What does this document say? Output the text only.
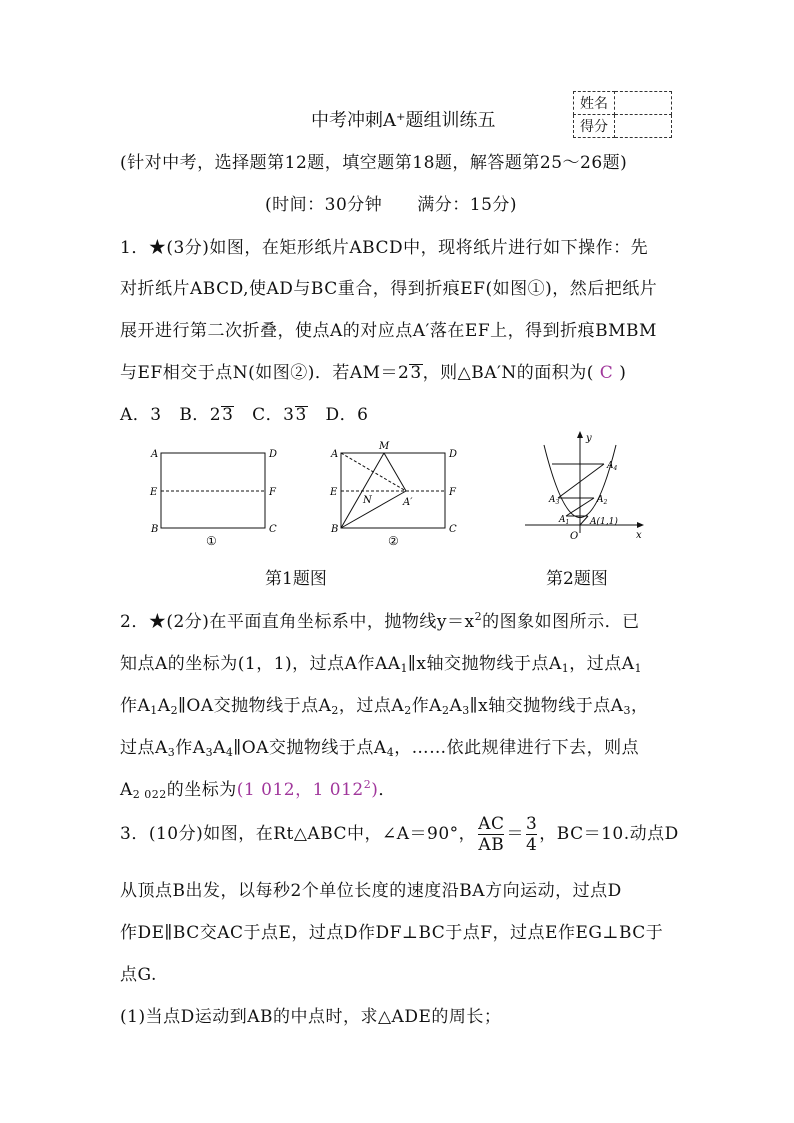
中考冲刺A⁺题组训练五
姓名	
得分	
(针对中考，选择题第12题，填空题第18题，解答题第25～26题)
(时间：30分钟　　满分：15分)
1．★(3分)如图，在矩形纸片ABCD中，现将纸片进行如下操作：先
对折纸片ABCD,使AD与BC重合，得到折痕EF(如图①)，然后把纸片
展开进行第二次折叠，使点A的对应点A′落在EF上，得到折痕BMBM
与EF相交于点N(如图②)．若AM＝23，则△BA′N的面积为( C )
A．3 B．23 C．33 D．6
A
B	C
D
E	F
①
A
B	C
D
E	F
M
N	A′
②
y
x
O
A(1,1)
$A_1$
$A_2$
$A_3$
$A_4$
第1题图	第2题图
2．★(2分)在平面直角坐标系中，抛物线$y=x^2$的图象如图所示．已
知点A的坐标为(1，1)，过点A作$AA_1\parallel x$轴交抛物线于点$A_1$，过点$A_1$
作$A_1A_2\parallel OA$交抛物线于点$A_2$，过点$A_2$作$A_2A_3\parallel x$轴交抛物线于点$A_3$，
过点$A_3$作$A_3A_4\parallel OA$交抛物线于点$A_4$，……依此规律进行下去，则点
$A_{2 022}$的坐标为(1 012，1 $012^2$)．
3．(10分)如图，在Rt△ABC中，∠A＝90°， $\frac{AC}{AB} = \frac{3}{4}$ ，BC＝10.动点D
从顶点B出发，以每秒2个单位长度的速度沿BA方向运动，过点D
作DE∥BC交AC于点E，过点D作DF⊥BC于点F，过点E作EG⊥BC于
点G.
(1)当点D运动到AB的中点时，求△ADE的周长；
